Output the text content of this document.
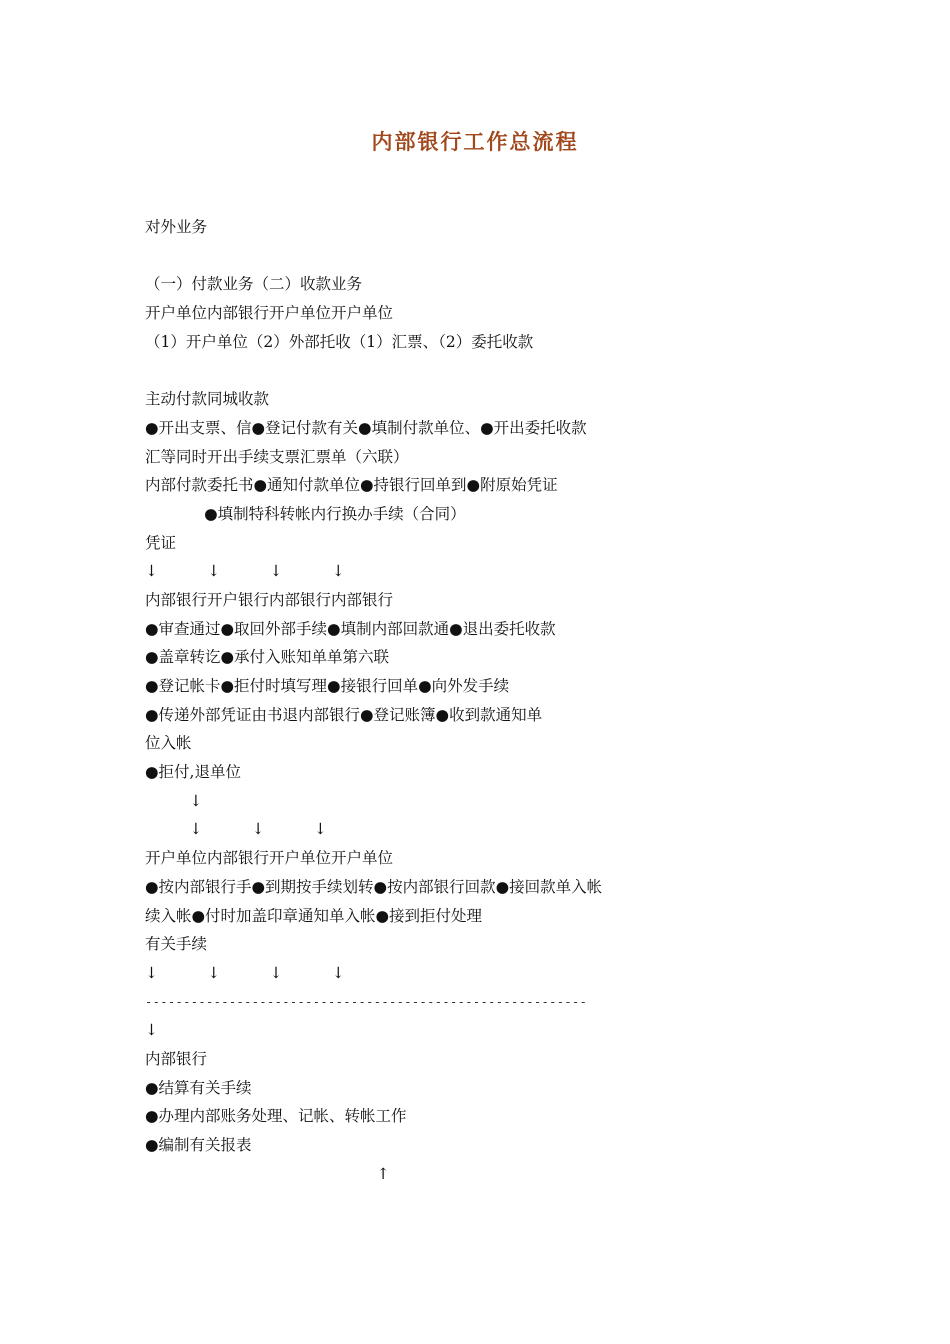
内部银行工作总流程
对外业务
（一）付款业务（二）收款业务
开户单位内部银行开户单位开户单位
（1）开户单位（2）外部托收（1）汇票、（2）委托收款
主动付款同城收款
●开出支票、信●登记付款有关●填制付款单位、●开出委托收款
汇等同时开出手续支票汇票单（六联）
内部付款委托书●通知付款单位●持银行回单到●附原始凭证
●填制特科转帐内行换办手续（合同）
凭证
↓          ↓          ↓          ↓
内部银行开户银行内部银行内部银行
●审查通过●取回外部手续●填制内部回款通●退出委托收款
●盖章转讫●承付入账知单单第六联
●登记帐卡●拒付时填写理●接银行回单●向外发手续
●传递外部凭证由书退内部银行●登记账簿●收到款通知单
位入帐
●拒付,退单位
↓
↓          ↓          ↓
开户单位内部银行开户单位开户单位
●按内部银行手●到期按手续划转●按内部银行回款●接回款单入帐
续入帐●付时加盖印章通知单入帐●接到拒付处理
有关手续
↓          ↓          ↓          ↓
----------------------------------------------------------
↓
内部银行
●结算有关手续
●办理内部账务处理、记帐、转帐工作
●编制有关报表
↑
